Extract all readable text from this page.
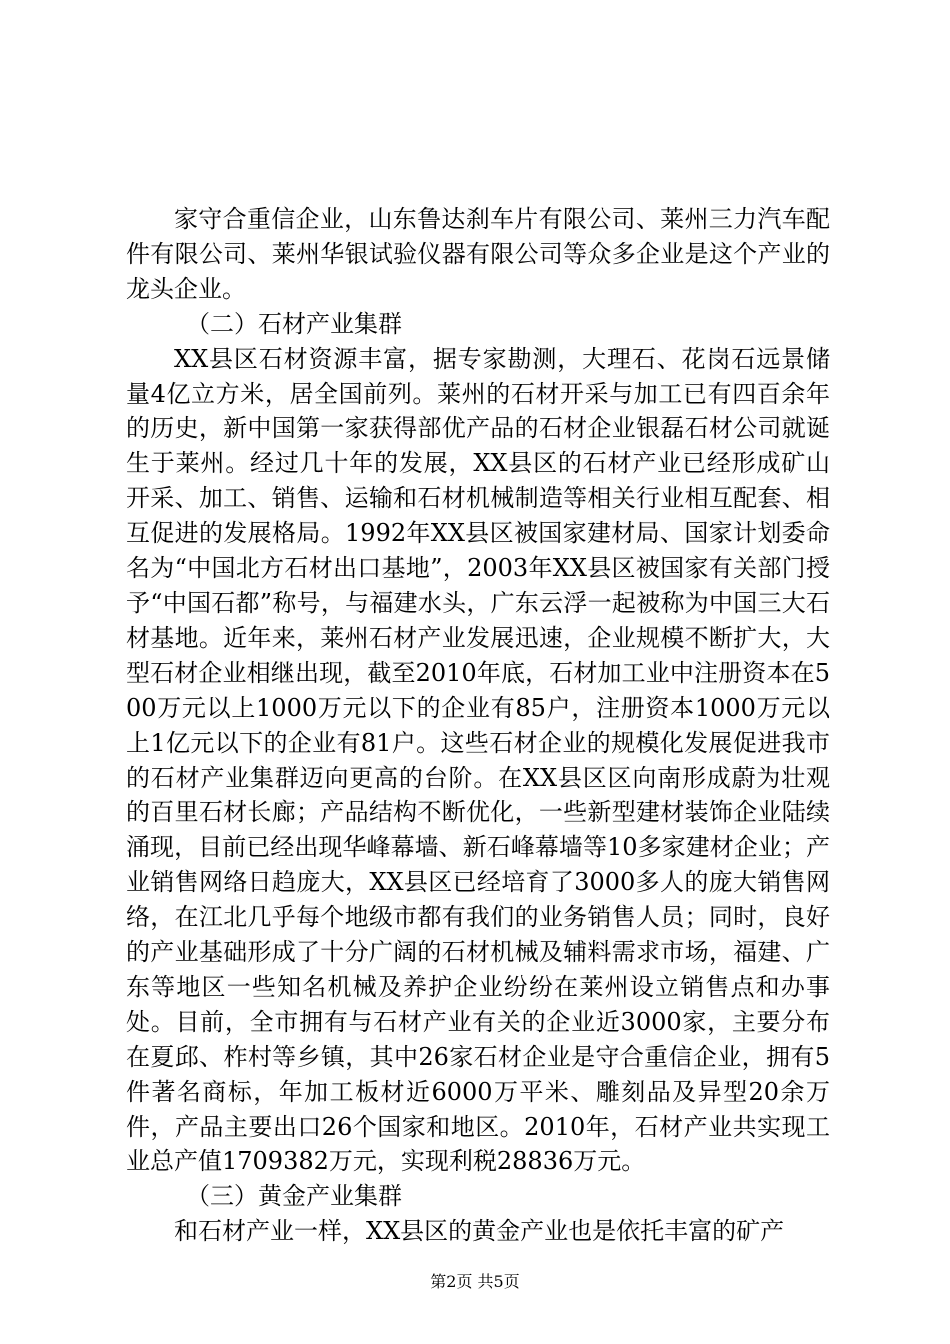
家守合重信企业，山东鲁达刹车片有限公司、莱州三力汽车配件有限公司、莱州华银试验仪器有限公司等众多企业是这个产业的龙头企业。

（二）石材产业集群

XX县区石材资源丰富，据专家勘测，大理石、花岗石远景储量4亿立方米，居全国前列。莱州的石材开采与加工已有四百余年的历史，新中国第一家获得部优产品的石材企业银磊石材公司就诞生于莱州。经过几十年的发展，XX县区的石材产业已经形成矿山开采、加工、销售、运输和石材机械制造等相关行业相互配套、相互促进的发展格局。1992年XX县区被国家建材局、国家计划委命名为“中国北方石材出口基地”，2003年XX县区被国家有关部门授予“中国石都”称号，与福建水头，广东云浮一起被称为中国三大石材基地。近年来，莱州石材产业发展迅速，企业规模不断扩大，大型石材企业相继出现，截至2010年底，石材加工业中注册资本在500万元以上1000万元以下的企业有85户，注册资本1000万元以上1亿元以下的企业有81户。这些石材企业的规模化发展促进我市的石材产业集群迈向更高的台阶。在XX县区区向南形成蔚为壮观的百里石材长廊；产品结构不断优化，一些新型建材装饰企业陆续涌现，目前已经出现华峰幕墙、新石峰幕墙等10多家建材企业；产业销售网络日趋庞大，XX县区已经培育了3000多人的庞大销售网络，在江北几乎每个地级市都有我们的业务销售人员；同时，良好的产业基础形成了十分广阔的石材机械及辅料需求市场，福建、广东等地区一些知名机械及养护企业纷纷在莱州设立销售点和办事处。目前，全市拥有与石材产业有关的企业近3000家，主要分布在夏邱、柞村等乡镇，其中26家石材企业是守合重信企业，拥有5件著名商标，年加工板材近6000万平米、雕刻品及异型20余万件，产品主要出口26个国家和地区。2010年，石材产业共实现工业总产值1709382万元，实现利税28836万元。

（三）黄金产业集群

和石材产业一样，XX县区的黄金产业也是依托丰富的矿产

第2页 共5页
